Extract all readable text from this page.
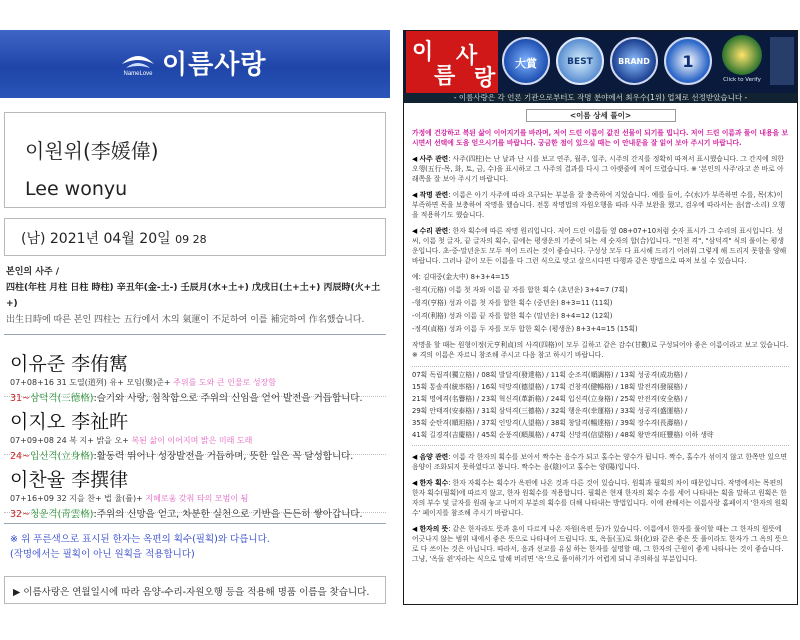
NameLove 이름사랑
이원위(李媛偉)
Lee wonyu
(남) 2021년 04월 20일 09 28
본인의 사주 /
四柱(年柱 月柱 日柱 時柱) 辛丑年(金-土-) 壬辰月(水+土+) 戊戌日(土+土+) 丙辰時(火+土+)
出生日時에 따른 본인 四柱는 五行에서 木의 氣運이 不足하여 이를 補完하여 作名했습니다.
이유준 李侑寯
07+08+16 31 도열(道列) 유+ 모임(聚)준+ 주위를 도와 큰 인물로 성장함
31~삼덕격(三德格):슬기와 사랑, 침착함으로 주위의 신임을 얻어 발전을 거듭합니다.
이지오 李祉旿
07+09+08 24 복 지+ 밝을 오+ 복된 삶이 이어지며 밝은 미래 도래
24~입신격(立身格):활동력 뛰어나 성장발전을 거듭하며, 뜻한 일은 꼭 달성합니다.
이찬율 李撰律
07+16+09 32 지을 찬+ 법 율(률)+ 지혜로움 갖춰 타의 모범이 됨
32~청운격(靑雲格):주위의 신망을 얻고, 차분한 실천으로 기반을 든든히 쌓아갑니다.
※ 위 푸른색으로 표시된 한자는 옥편의 획수(필획)와 다릅니다.
(작명에서는 필획이 아닌 원획을 적용합니다)
▶ 이름사랑은 연월일시에 따라 음양-수리-자원오행 등을 적용해 명품 이름을 찾습니다.
이
름
사
랑
大賞	BEST	BRAND	1
Click to Verify
- 이름사랑은 각 언론 기관으로부터도 작명 분야에서 최우수(1위) 업체로 선정받았습니다 -
<이름 상세 풀이>
가정에 건강하고 복된 삶이 이어지기를 바라며, 저어 드린 이름이 값진 선물이 되기를 빕니다. 저어 드린 이름과 풀이 내용을 보시면서 선택에 도움 얻으시기를 바랍니다. 궁금한 점이 있으실 때는 이 안내문을 잘 읽어 보아 주시기 바랍니다.
◀ 사주 관련: 사주(四柱)는 난 날과 난 시를 보고 연주, 월주, 일주, 시주의 간지를 정확히 따져서 표시했습니다. 그 간지에 의한 오행(五行-목, 화, 토, 금, 수)을 표시하고 그 사주의 결과를 다시 그 아랫줄에 적어 드렸습니다. ※ '본인의 사주'라고 쓴 바로 아래쪽을 잘 보아 주시기 바랍니다.
◀ 작명 관련: 이름은 아기 사주에 따라 요구되는 부분을 잘 충족하여 지었습니다. 예를 들어, 수(水)가 부족하면 수를, 목(木)이 부족하면 목을 보충하여 작명을 했습니다. 전통 작명법의 자원오행을 따라 사주 보완을 했고, 검우에 따라서는 음(音-소리) 오행을 적용하기도 했습니다.
◀ 수리 관련: 한자 획수에 따른 작명 원리입니다. 저어 드린 이름들 옆 08+07+10처럼 숫자 표시가 그 수리의 표시입니다. 성씨, 이름 첫 글자, 끝 글자의 획수, 끝에는 평생운의 기준이 되는 세 숫자의 합(合)입니다. "인천 격", "삼덕격" 식의 풀이는 평생운입니다. 초-중-말년운도 모두 적어 드리는 것이 좋습니다. 구성상 모두 다 표시해 드리기 어려워 그렇게 해 드리지 못함을 양해 바랍니다. 그러나 같이 모든 이름을 다 그런 식으로 맞고 살으시다면 다행과 같은 방법으로 따져 보실 수 있습니다.
예: 김대중(金大中) 8+3+4=15
-원격(元格) 이름 첫 자와 이름 끝 자를 합한 획수 (초년운) 3+4=7 (7획)
-형격(亨格) 성과 이름 첫 자를 합한 획수 (중년운) 8+3=11 (11획)
-이격(利格) 성과 이름 끝 자를 합한 획수 (말년운) 8+4=12 (12획)
-정격(貞格) 성과 이름 두 자를 모두 합한 획수 (평생운) 8+3+4=15 (15획)
작명을 할 때는 원형이정(元亨利貞)의 사격(四格)이 모두 길하고 같은 감수(甘數)로 구성되어야 좋은 이름이라고 보고 있습니다. ※ 격의 이름은 자르니 참조해 주시고 다음 참고 하시기 바랍니다.
07획 독립격(獨立格) / 08획 발달격(發達格) / 11획 순조격(順調格) / 13획 성공격(成功格) /
15획 통솔격(統率格) / 16획 덕망격(德望格) / 17획 건창격(健暢格) / 18획 발전격(發展格) /
21획 명예격(名譽格) / 23획 혁신격(革新格) / 24획 입신격(立身格) / 25획 안전격(安全格) /
29획 안태격(安泰格) / 31획 삼덕격(三德格) / 32획 행운격(幸運格) / 33획 성공격(盛運格) /
35획 순탄격(順坦格) / 37획 인망격(人望格) / 38획 창달격(暢達格) / 39획 장수격(長壽格) /
41획 길경격(吉慶格) / 45획 순풍격(順風格) / 47획 신망격(信望格) / 48획 왕만격(旺豐格) 이하 생략
◀ 음양 관련: 이름 각 한자의 획수를 보아서 짝수는 음수가 되고 홀수는 양수가 됩니다. 짝수, 홀수가 섞이지 않고 한쪽만 있으면 음양이 조화되지 못하였다고 봅니다. 짝수는 음(陰)이고 홀수는 양(陽)입니다.
◀ 한자 획수: 한자 자획수는 획수가 옥편에 나온 것과 다른 것이 있습니다. 원획과 필획의 차이 때문입니다. 작명에서는 목편의 한자 획수(필획)에 따르지 않고, 한자 원획수를 적용합니다. 필획은 현재 한자의 획수 수를 세어 나타내는 획을 말하고 원획은 한자의 부수 및 글자를 원래 놓고 나머지 부분의 획수를 더해 나타내는 방법입니다. 이에 관해서는 이름사랑 홈페이지 '한자의 원획수' 페이지를 참조해 주시기 바랍니다.
◀ 한자의 뜻: 같은 한자라도 뜻과 훈이 다르게 나온 자원(옥편 등)가 있습니다. 이름에서 한자를 풀이할 때는 그 한자의 원뜻에 어긋나지 않는 범위 내에서 좋은 뜻으로 나타내어 드립니다. 또, 옥돌(玉)로 화(化)와 같은 좋은 뜻 풀이라도 한자가 그 옥의 뜻으로 다 쓰이는 것은 아닙니다. 따라서, 음과 선교를 유심 하는 한자를 설명할 때, 그 한자의 근원이 좋게 나타나는 것이 좋습니다. 그냥, '옥돌 왼'자라는 식으로 말해 버리면 '옥'으로 풀이하기가 어렵게 되니 주의하실 부분입니다.
